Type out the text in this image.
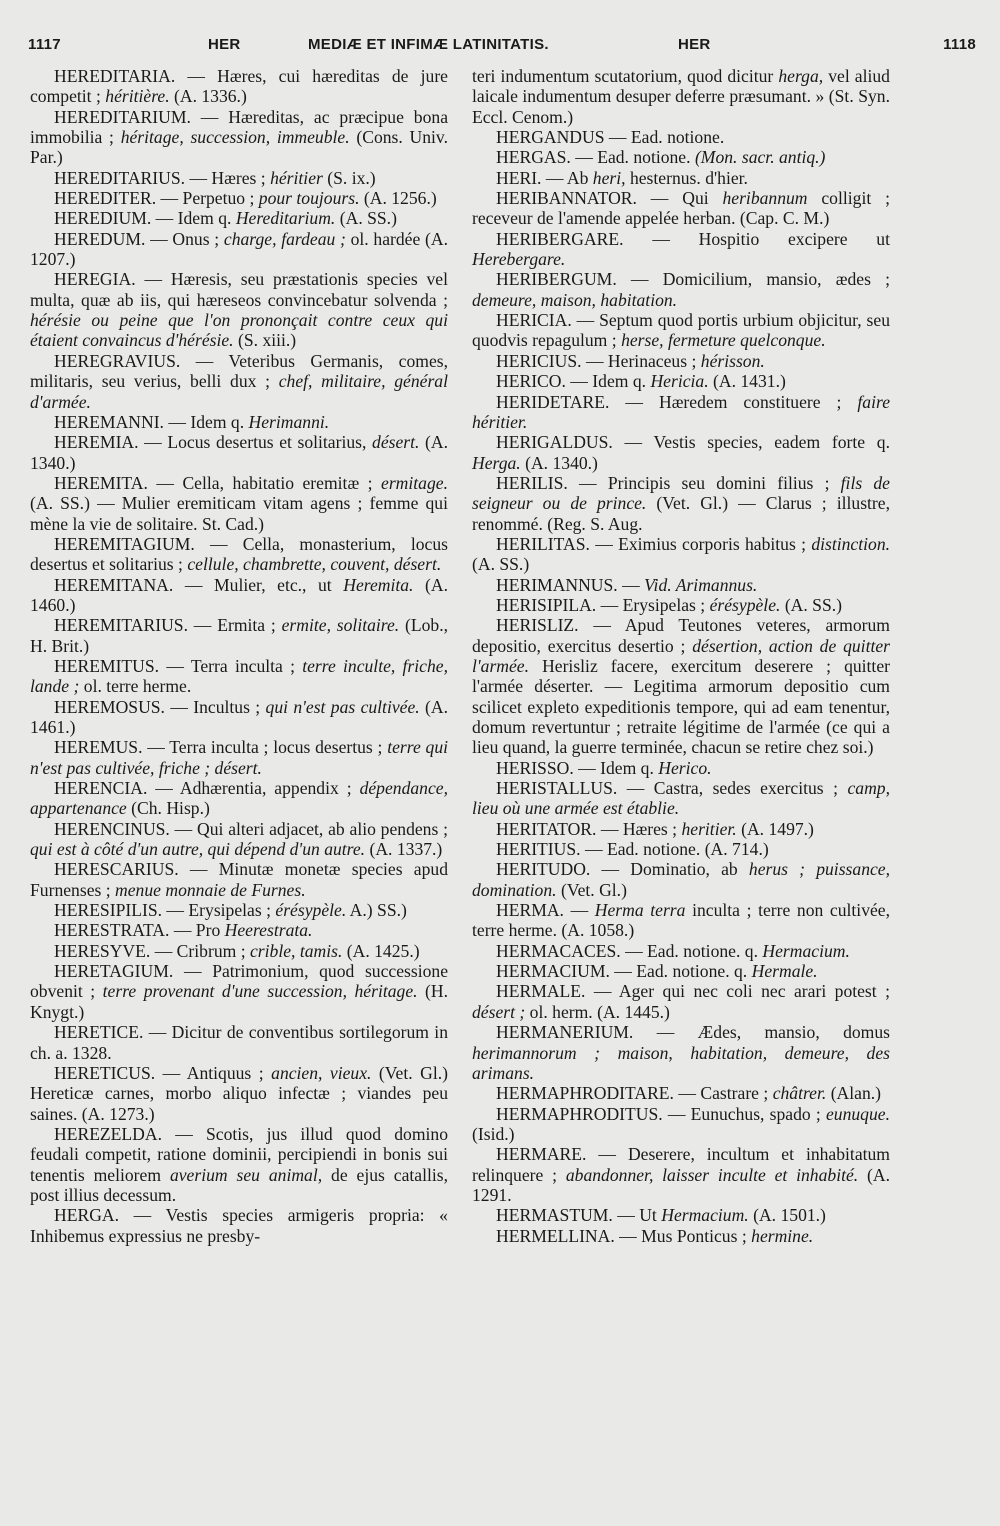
1117	HER	MEDIÆ ET INFIMÆ LATINITATIS.	HER	1118

HEREDITARIA. — Hæres, cui hæreditas de jure competit ; héritière. (A. 1336.)

HEREDITARIUM. — Hæreditas, ac præcipue bona immobilia ; héritage, succession, immeuble. (Cons. Univ. Par.)

HEREDITARIUS. — Hæres ; héritier (S. ix.)

HEREDITER. — Perpetuo ; pour toujours. (A. 1256.)

HEREDIUM. — Idem q. Hereditarium. (A. SS.)

HEREDUM. — Onus ; charge, fardeau ; ol. hardée (A. 1207.)

HEREGIA. — Hæresis, seu præstationis species vel multa, quæ ab iis, qui hæreseos convincebatur solvenda ; hérésie ou peine que l'on prononçait contre ceux qui étaient convaincus d'hérésie. (S. xiii.)

HEREGRAVIUS. — Veteribus Germanis, comes, militaris, seu verius, belli dux ; chef, militaire, général d'armée.

HEREMANNI. — Idem q. Herimanni.

HEREMIA. — Locus desertus et solitarius, désert. (A. 1340.)

HEREMITA. — Cella, habitatio eremitæ ; ermitage. (A. SS.) — Mulier eremiticam vitam agens ; femme qui mène la vie de solitaire. St. Cad.)

HEREMITAGIUM. — Cella, monasterium, locus desertus et solitarius ; cellule, chambrette, couvent, désert.

HEREMITANA. — Mulier, etc., ut Heremita. (A. 1460.)

HEREMITARIUS. — Ermita ; ermite, solitaire. (Lob., H. Brit.)

HEREMITUS. — Terra inculta ; terre inculte, friche, lande ; ol. terre herme.

HEREMOSUS. — Incultus ; qui n'est pas cultivée. (A. 1461.)

HEREMUS. — Terra inculta ; locus desertus ; terre qui n'est pas cultivée, friche ; désert.

HERENCIA. — Adhærentia, appendix ; dépendance, appartenance (Ch. Hisp.)

HERENCINUS. — Qui alteri adjacet, ab alio pendens ; qui est à côté d'un autre, qui dépend d'un autre. (A. 1337.)

HERESCARIUS. — Minutæ monetæ species apud Furnenses ; menue monnaie de Furnes.

HERESIPILIS. — Erysipelas ; érésypèle. A.) SS.)

HERESTRATA. — Pro Heerestrata.

HERESYVE. — Cribrum ; crible, tamis. (A. 1425.)

HERETAGIUM. — Patrimonium, quod successione obvenit ; terre provenant d'une succession, héritage. (H. Knygt.)

HERETICE. — Dicitur de conventibus sortilegorum in ch. a. 1328.

HERETICUS. — Antiquus ; ancien, vieux. (Vet. Gl.) Hereticæ carnes, morbo aliquo infectæ ; viandes peu saines. (A. 1273.)

HEREZELDA. — Scotis, jus illud quod domino feudali competit, ratione dominii, percipiendi in bonis sui tenentis meliorem averium seu animal, de ejus catallis, post illius decessum.

HERGA. — Vestis species armigeris propria: « Inhibemus expressius ne presby-

teri indumentum scutatorium, quod dicitur herga, vel aliud laicale indumentum desuper deferre præsumant. » (St. Syn. Eccl. Cenom.)

HERGANDUS — Ead. notione.

HERGAS. — Ead. notione. (Mon. sacr. antiq.)

HERI. — Ab heri, hesternus. d'hier.

HERIBANNATOR. — Qui heribannum colligit ; receveur de l'amende appelée herban. (Cap. C. M.)

HERIBERGARE. — Hospitio excipere ut Herebergare.

HERIBERGUM. — Domicilium, mansio, ædes ; demeure, maison, habitation.

HERICIA. — Septum quod portis urbium objicitur, seu quodvis repagulum ; herse, fermeture quelconque.

HERICIUS. — Herinaceus ; hérisson.

HERICO. — Idem q. Hericia. (A. 1431.)

HERIDETARE. — Hæredem constituere ; faire héritier.

HERIGALDUS. — Vestis species, eadem forte q. Herga. (A. 1340.)

HERILIS. — Principis seu domini filius ; fils de seigneur ou de prince. (Vet. Gl.) — Clarus ; illustre, renommé. (Reg. S. Aug.

HERILITAS. — Eximius corporis habitus ; distinction. (A. SS.)

HERIMANNUS. — Vid. Arimannus.

HERISIPILA. — Erysipelas ; érésypèle. (A. SS.)

HERISLIZ. — Apud Teutones veteres, armorum depositio, exercitus desertio ; désertion, action de quitter l'armée. Herisliz facere, exercitum deserere ; quitter l'armée déserter. — Legitima armorum depositio cum scilicet expleto expeditionis tempore, qui ad eam tenentur, domum revertuntur ; retraite légitime de l'armée (ce qui a lieu quand, la guerre terminée, chacun se retire chez soi.)

HERISSO. — Idem q. Herico.

HERISTALLUS. — Castra, sedes exercitus ; camp, lieu où une armée est établie.

HERITATOR. — Hæres ; heritier. (A. 1497.)

HERITIUS. — Ead. notione. (A. 714.)

HERITUDO. — Dominatio, ab herus ; puissance, domination. (Vet. Gl.)

HERMA. — Herma terra inculta ; terre non cultivée, terre herme. (A. 1058.)

HERMACACES. — Ead. notione. q. Hermacium.

HERMACIUM. — Ead. notione. q. Hermale.

HERMALE. — Ager qui nec coli nec arari potest ; désert ; ol. herm. (A. 1445.)

HERMANERIUM. — Ædes, mansio, domus herimannorum ; maison, habitation, demeure, des arimans.

HERMAPHRODITARE. — Castrare ; châtrer. (Alan.)

HERMAPHRODITUS. — Eunuchus, spado ; eunuque. (Isid.)

HERMARE. — Deserere, incultum et inhabitatum relinquere ; abandonner, laisser inculte et inhabité. (A. 1291.

HERMASTUM. — Ut Hermacium. (A. 1501.)

HERMELLINA. — Mus Ponticus ; hermine.
